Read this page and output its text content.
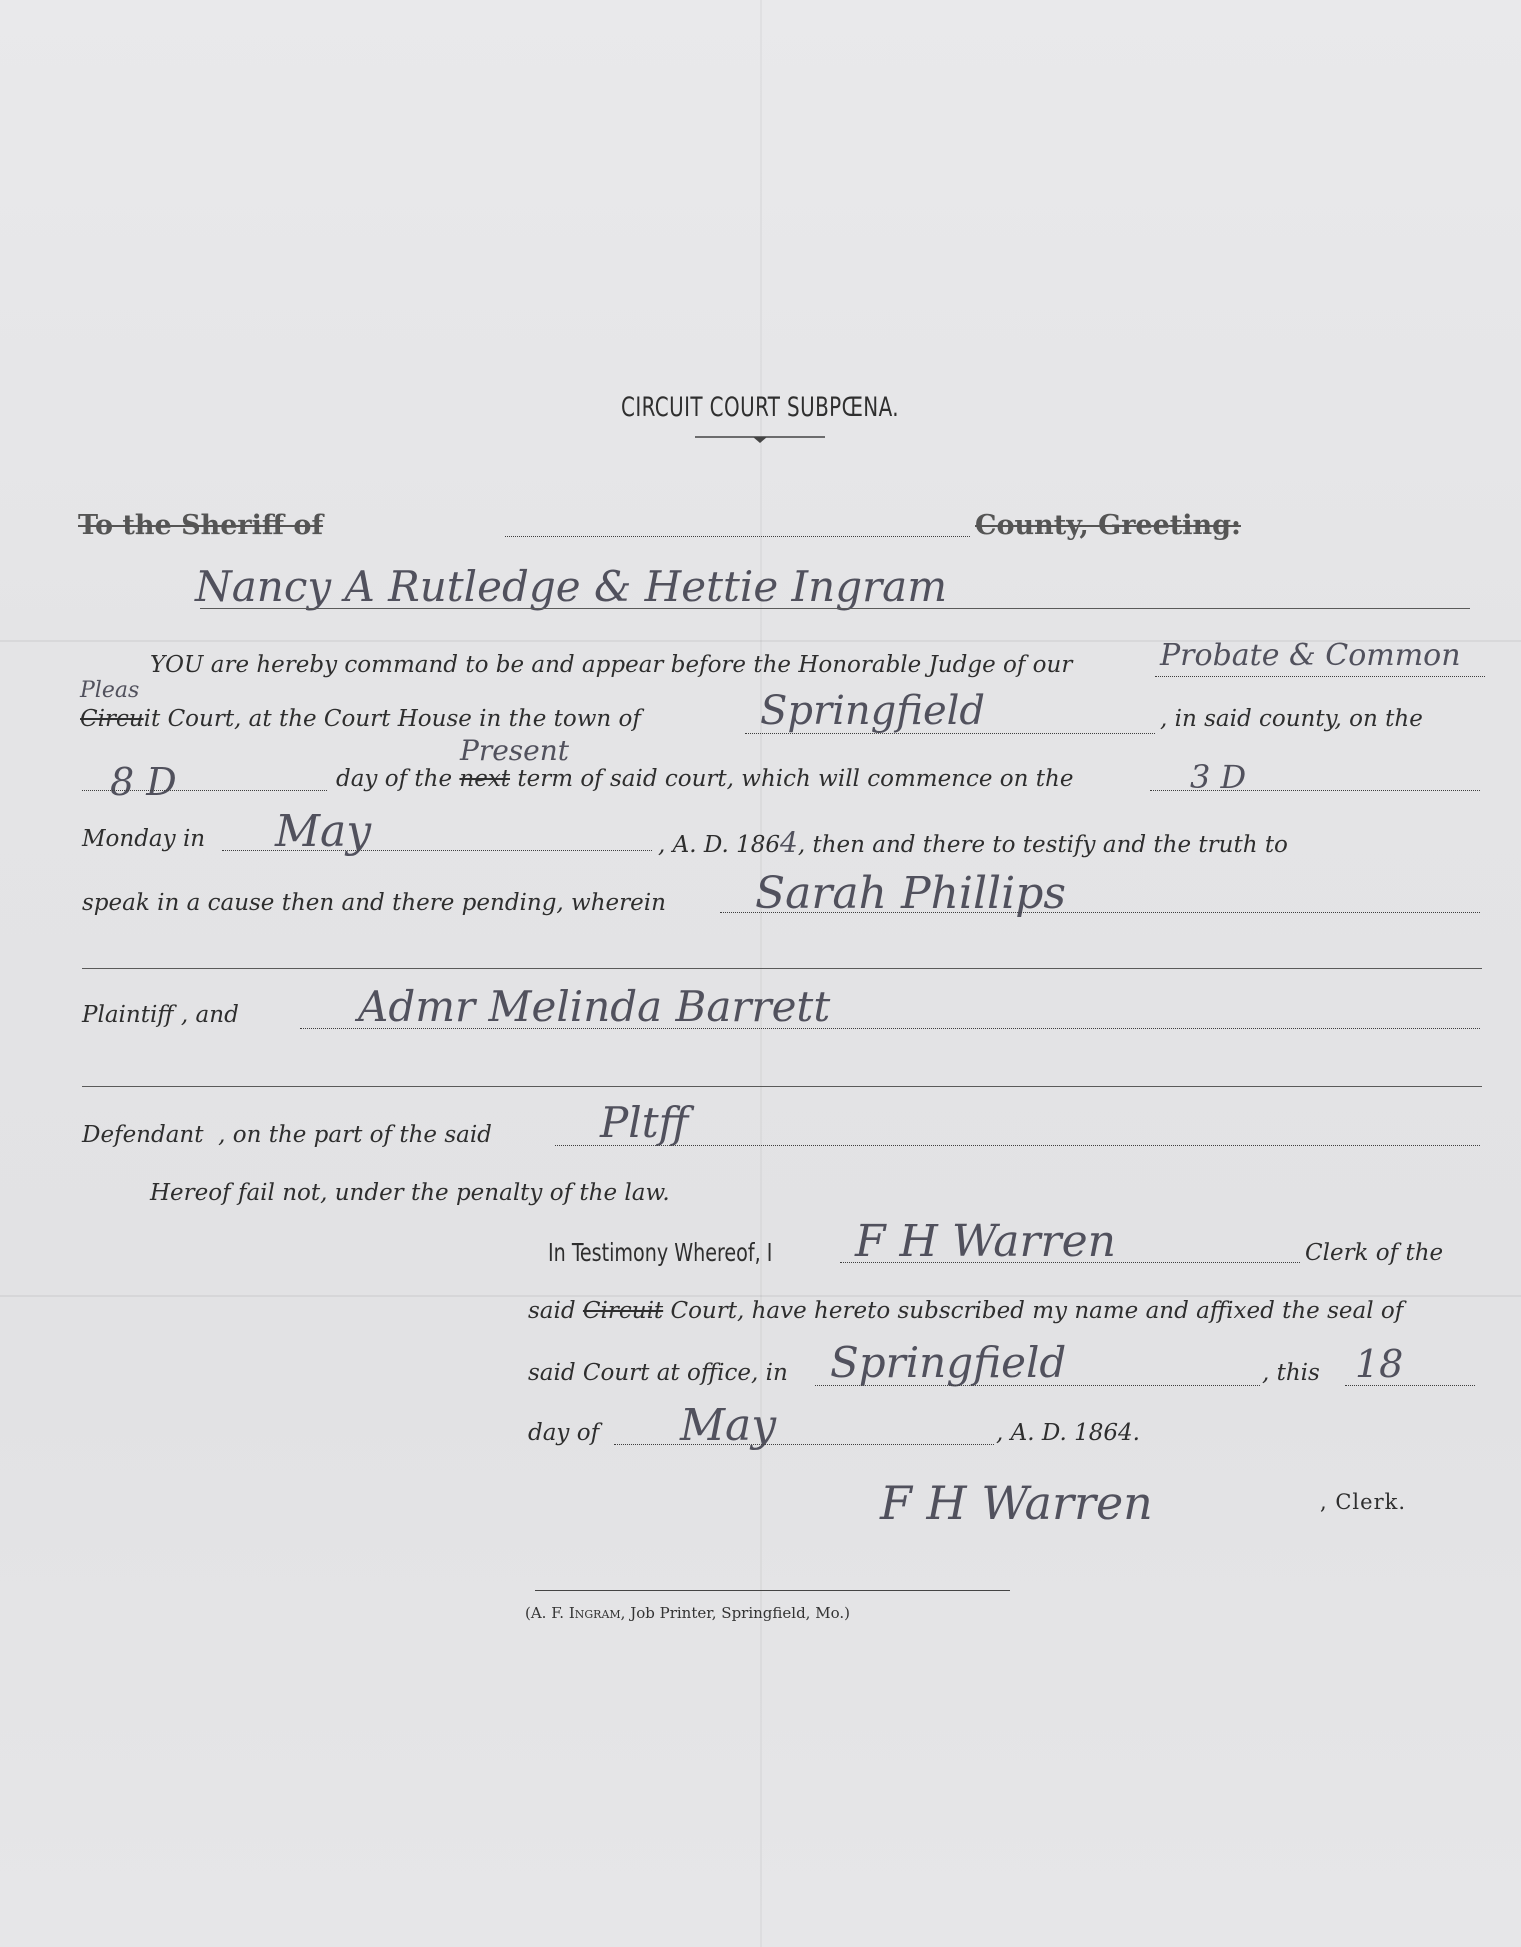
CIRCUIT COURT SUBPŒNA.
To the Sheriff of	County, Greeting:
Nancy A Rutledge & Hettie Ingram
YOU are hereby command to be and appear before the Honorable Judge of our	Probate & Common
Pleas
Circuit Court, at the Court House in the town of	Springfield	, in said county, on the
8 D	day of the next term of said court, which will commence on the
Present
3 D
Monday in May	, A. D. 1864, then and there to testify and the truth to
speak in a cause then and there pending, wherein Sarah Phillips
Plaintiff , and	Admr Melinda Barrett
Defendant , on the part of the said	Pltff
Hereof fail not, under the penalty of the law.
In Testimony Whereof, I F H Warren	Clerk of the
said Circuit Court, have hereto subscribed my name and affixed the seal of
said Court at office, in Springfield	, this 18
day of May	, A. D. 1864.
F H Warren	, Clerk.
(A. F. Ingram, Job Printer, Springfield, Mo.)
